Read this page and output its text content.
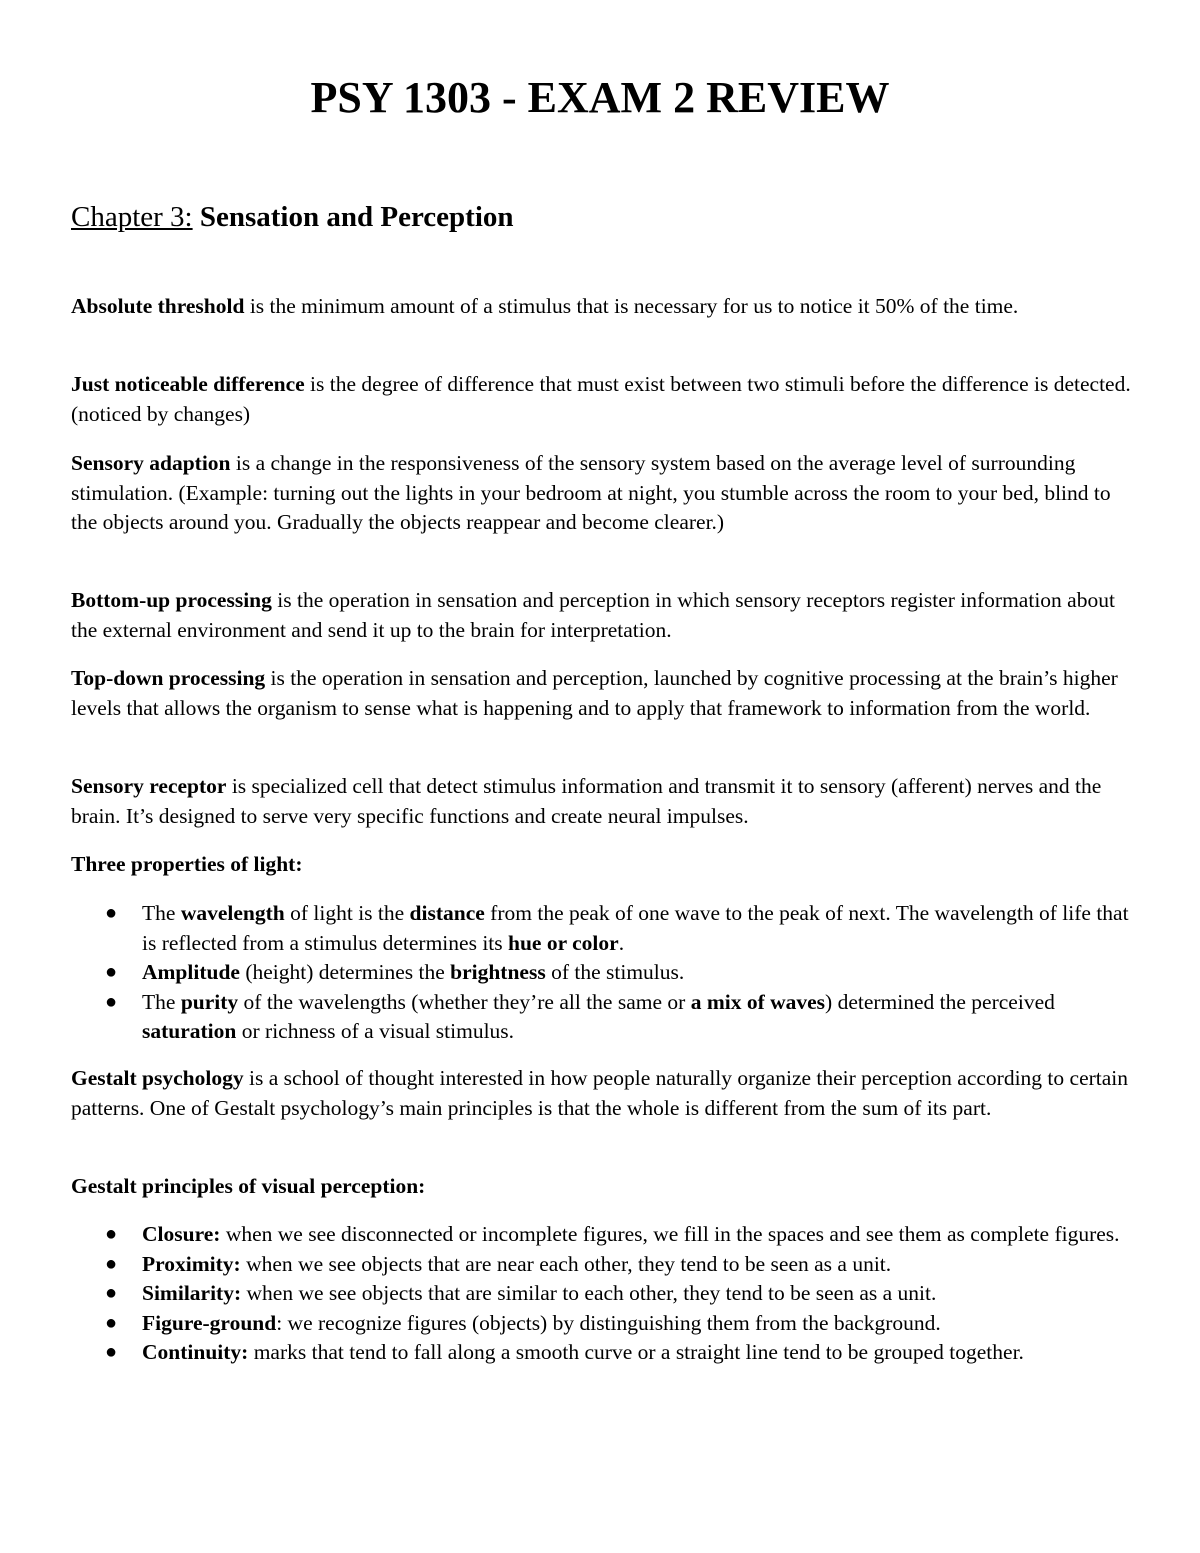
PSY 1303 - EXAM 2 REVIEW
Chapter 3: Sensation and Perception

Absolute threshold is the minimum amount of a stimulus that is necessary for us to notice it 50% of the time.

Just noticeable difference is the degree of difference that must exist between two stimuli before the difference is detected. (noticed by changes)

Sensory adaption is a change in the responsiveness of the sensory system based on the average level of surrounding stimulation. (Example: turning out the lights in your bedroom at night, you stumble across the room to your bed, blind to the objects around you. Gradually the objects reappear and become clearer.)

Bottom-up processing is the operation in sensation and perception in which sensory receptors register information about the external environment and send it up to the brain for interpretation.

Top-down processing is the operation in sensation and perception, launched by cognitive processing at the brain’s higher levels that allows the organism to sense what is happening and to apply that framework to information from the world.

Sensory receptor is specialized cell that detect stimulus information and transmit it to sensory (afferent) nerves and the brain. It’s designed to serve very specific functions and create neural impulses.

Three properties of light:

● The wavelength of light is the distance from the peak of one wave to the peak of next. The wavelength of life that is reflected from a stimulus determines its hue or color.
● Amplitude (height) determines the brightness of the stimulus.
● The purity of the wavelengths (whether they’re all the same or a mix of waves) determined the perceived saturation or richness of a visual stimulus.

Gestalt psychology is a school of thought interested in how people naturally organize their perception according to certain patterns. One of Gestalt psychology’s main principles is that the whole is different from the sum of its part.

Gestalt principles of visual perception:

● Closure: when we see disconnected or incomplete figures, we fill in the spaces and see them as complete figures.
● Proximity: when we see objects that are near each other, they tend to be seen as a unit.
● Similarity: when we see objects that are similar to each other, they tend to be seen as a unit.
● Figure-ground: we recognize figures (objects) by distinguishing them from the background.
● Continuity: marks that tend to fall along a smooth curve or a straight line tend to be grouped together.
